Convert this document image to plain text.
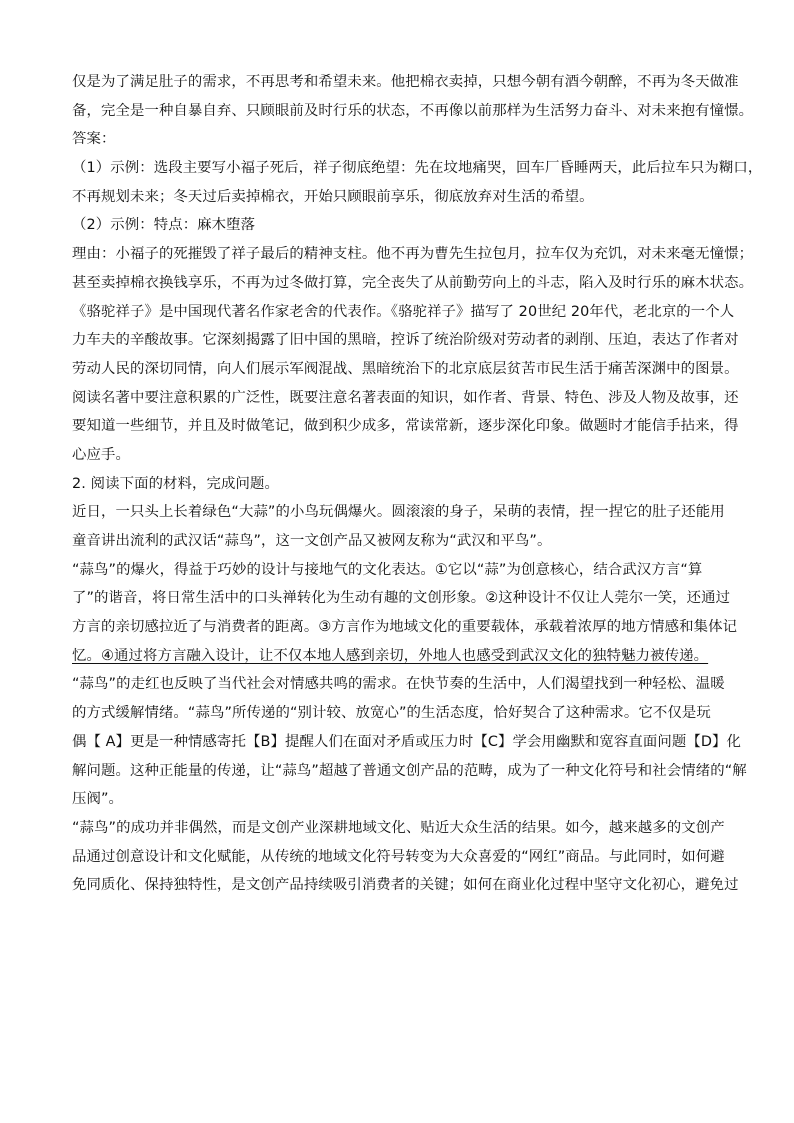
仅是为了满足肚子的需求，不再思考和希望未来。他把棉衣卖掉，只想今朝有酒今朝醉，不再为冬天做准
备，完全是一种自暴自弃、只顾眼前及时行乐的状态，不再像以前那样为生活努力奋斗、对未来抱有憧憬。
答案：
（1）示例：选段主要写小福子死后，祥子彻底绝望：先在坟地痛哭，回车厂昏睡两天，此后拉车只为糊口，
不再规划未来；冬天过后卖掉棉衣，开始只顾眼前享乐，彻底放弃对生活的希望。
（2）示例：特点：麻木堕落
理由：小福子的死摧毁了祥子最后的精神支柱。他不再为曹先生拉包月，拉车仅为充饥，对未来毫无憧憬；
甚至卖掉棉衣换钱享乐，不再为过冬做打算，完全丧失了从前勤劳向上的斗志，陷入及时行乐的麻木状态。
《骆驼祥子》是中国现代著名作家老舍的代表作。《骆驼祥子》描写了 20世纪 20年代，老北京的一个人
力车夫的辛酸故事。它深刻揭露了旧中国的黑暗，控诉了统治阶级对劳动者的剥削、压迫，表达了作者对
劳动人民的深切同情，向人们展示军阀混战、黑暗统治下的北京底层贫苦市民生活于痛苦深渊中的图景。
阅读名著中要注意积累的广泛性，既要注意名著表面的知识，如作者、背景、特色、涉及人物及故事，还
要知道一些细节，并且及时做笔记，做到积少成多，常读常新，逐步深化印象。做题时才能信手拈来，得
心应手。
2. 阅读下面的材料，完成问题。
近日，一只头上长着绿色“大蒜”的小鸟玩偶爆火。圆滚滚的身子，呆萌的表情，捏一捏它的肚子还能用
童音讲出流利的武汉话“蒜鸟”，这一文创产品又被网友称为“武汉和平鸟”。
“蒜鸟”的爆火，得益于巧妙的设计与接地气的文化表达。①它以“蒜”为创意核心，结合武汉方言“算
了”的谐音，将日常生活中的口头禅转化为生动有趣的文创形象。②这种设计不仅让人莞尔一笑，还通过
方言的亲切感拉近了与消费者的距离。③方言作为地域文化的重要载体，承载着浓厚的地方情感和集体记
忆。④通过将方言融入设计，让不仅本地人感到亲切，外地人也感受到武汉文化的独特魅力被传递。
“蒜鸟”的走红也反映了当代社会对情感共鸣的需求。在快节奏的生活中，人们渴望找到一种轻松、温暖
的方式缓解情绪。“蒜鸟”所传递的“别计较、放宽心”的生活态度，恰好契合了这种需求。它不仅是玩
偶【 A】更是一种情感寄托【B】提醒人们在面对矛盾或压力时【C】学会用幽默和宽容直面问题【D】化
解问题。这种正能量的传递，让“蒜鸟”超越了普通文创产品的范畴，成为了一种文化符号和社会情绪的“解
压阀”。
“蒜鸟”的成功并非偶然，而是文创产业深耕地域文化、贴近大众生活的结果。如今，越来越多的文创产
品通过创意设计和文化赋能，从传统的地域文化符号转变为大众喜爱的“网红”商品。与此同时，如何避
免同质化、保持独特性，是文创产品持续吸引消费者的关键；如何在商业化过程中坚守文化初心，避免过
